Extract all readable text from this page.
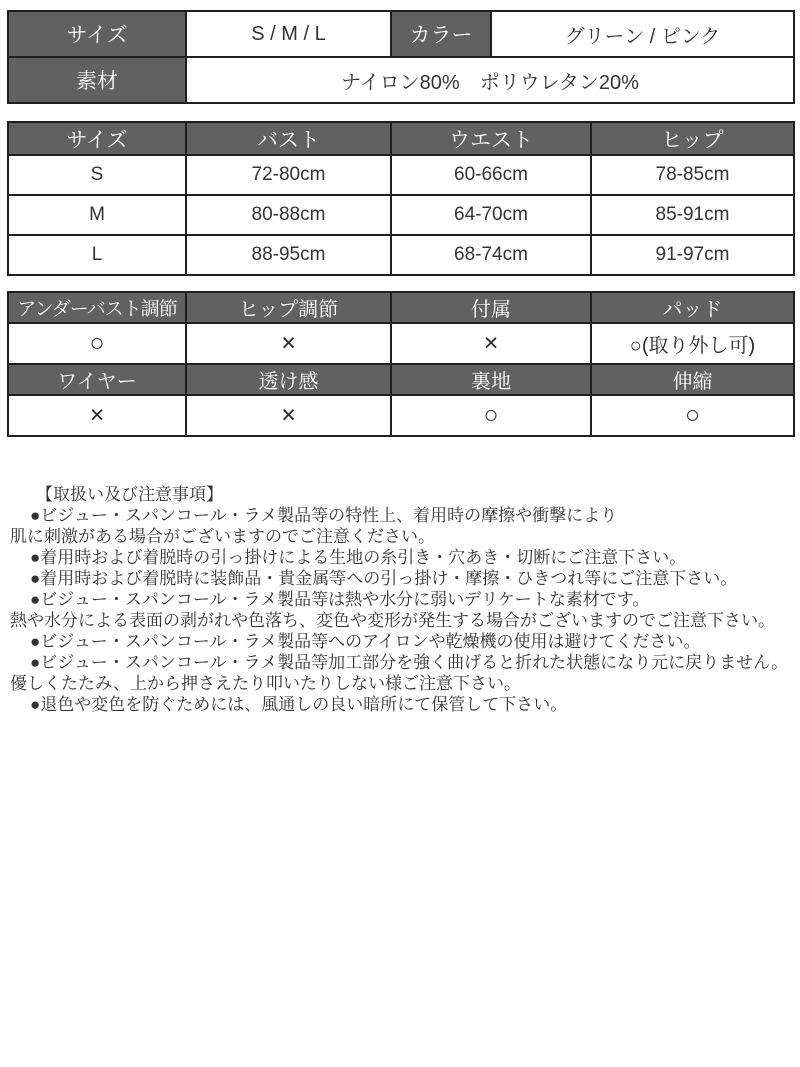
サイズ	S / M / L	カラー	グリーン / ピンク
素材	ナイロン80%　ポリウレタン20%		
サイズ	バスト	ウエスト	ヒップ
S	72-80cm	60-66cm	78-85cm
M	80-88cm	64-70cm	85-91cm
L	88-95cm	68-74cm	91-97cm
アンダーバスト調節	ヒップ調節	付属	パッド
○	×	×	○(取り外し可)
ワイヤー	透け感	裏地	伸縮
×	×	○	○

【取扱い及び注意事項】

●ビジュー・スパンコール・ラメ製品等の特性上、着用時の摩擦や衝撃により

肌に刺激がある場合がございますのでご注意ください。

●着用時および着脱時の引っ掛けによる生地の糸引き・穴あき・切断にご注意下さい。

●着用時および着脱時に装飾品・貴金属等への引っ掛け・摩擦・ひきつれ等にご注意下さい。

●ビジュー・スパンコール・ラメ製品等は熱や水分に弱いデリケートな素材です。

熱や水分による表面の剥がれや色落ち、変色や変形が発生する場合がございますのでご注意下さい。

●ビジュー・スパンコール・ラメ製品等へのアイロンや乾燥機の使用は避けてください。

●ビジュー・スパンコール・ラメ製品等加工部分を強く曲げると折れた状態になり元に戻りません。

優しくたたみ、上から押さえたり叩いたりしない様ご注意下さい。

●退色や変色を防ぐためには、風通しの良い暗所にて保管して下さい。
